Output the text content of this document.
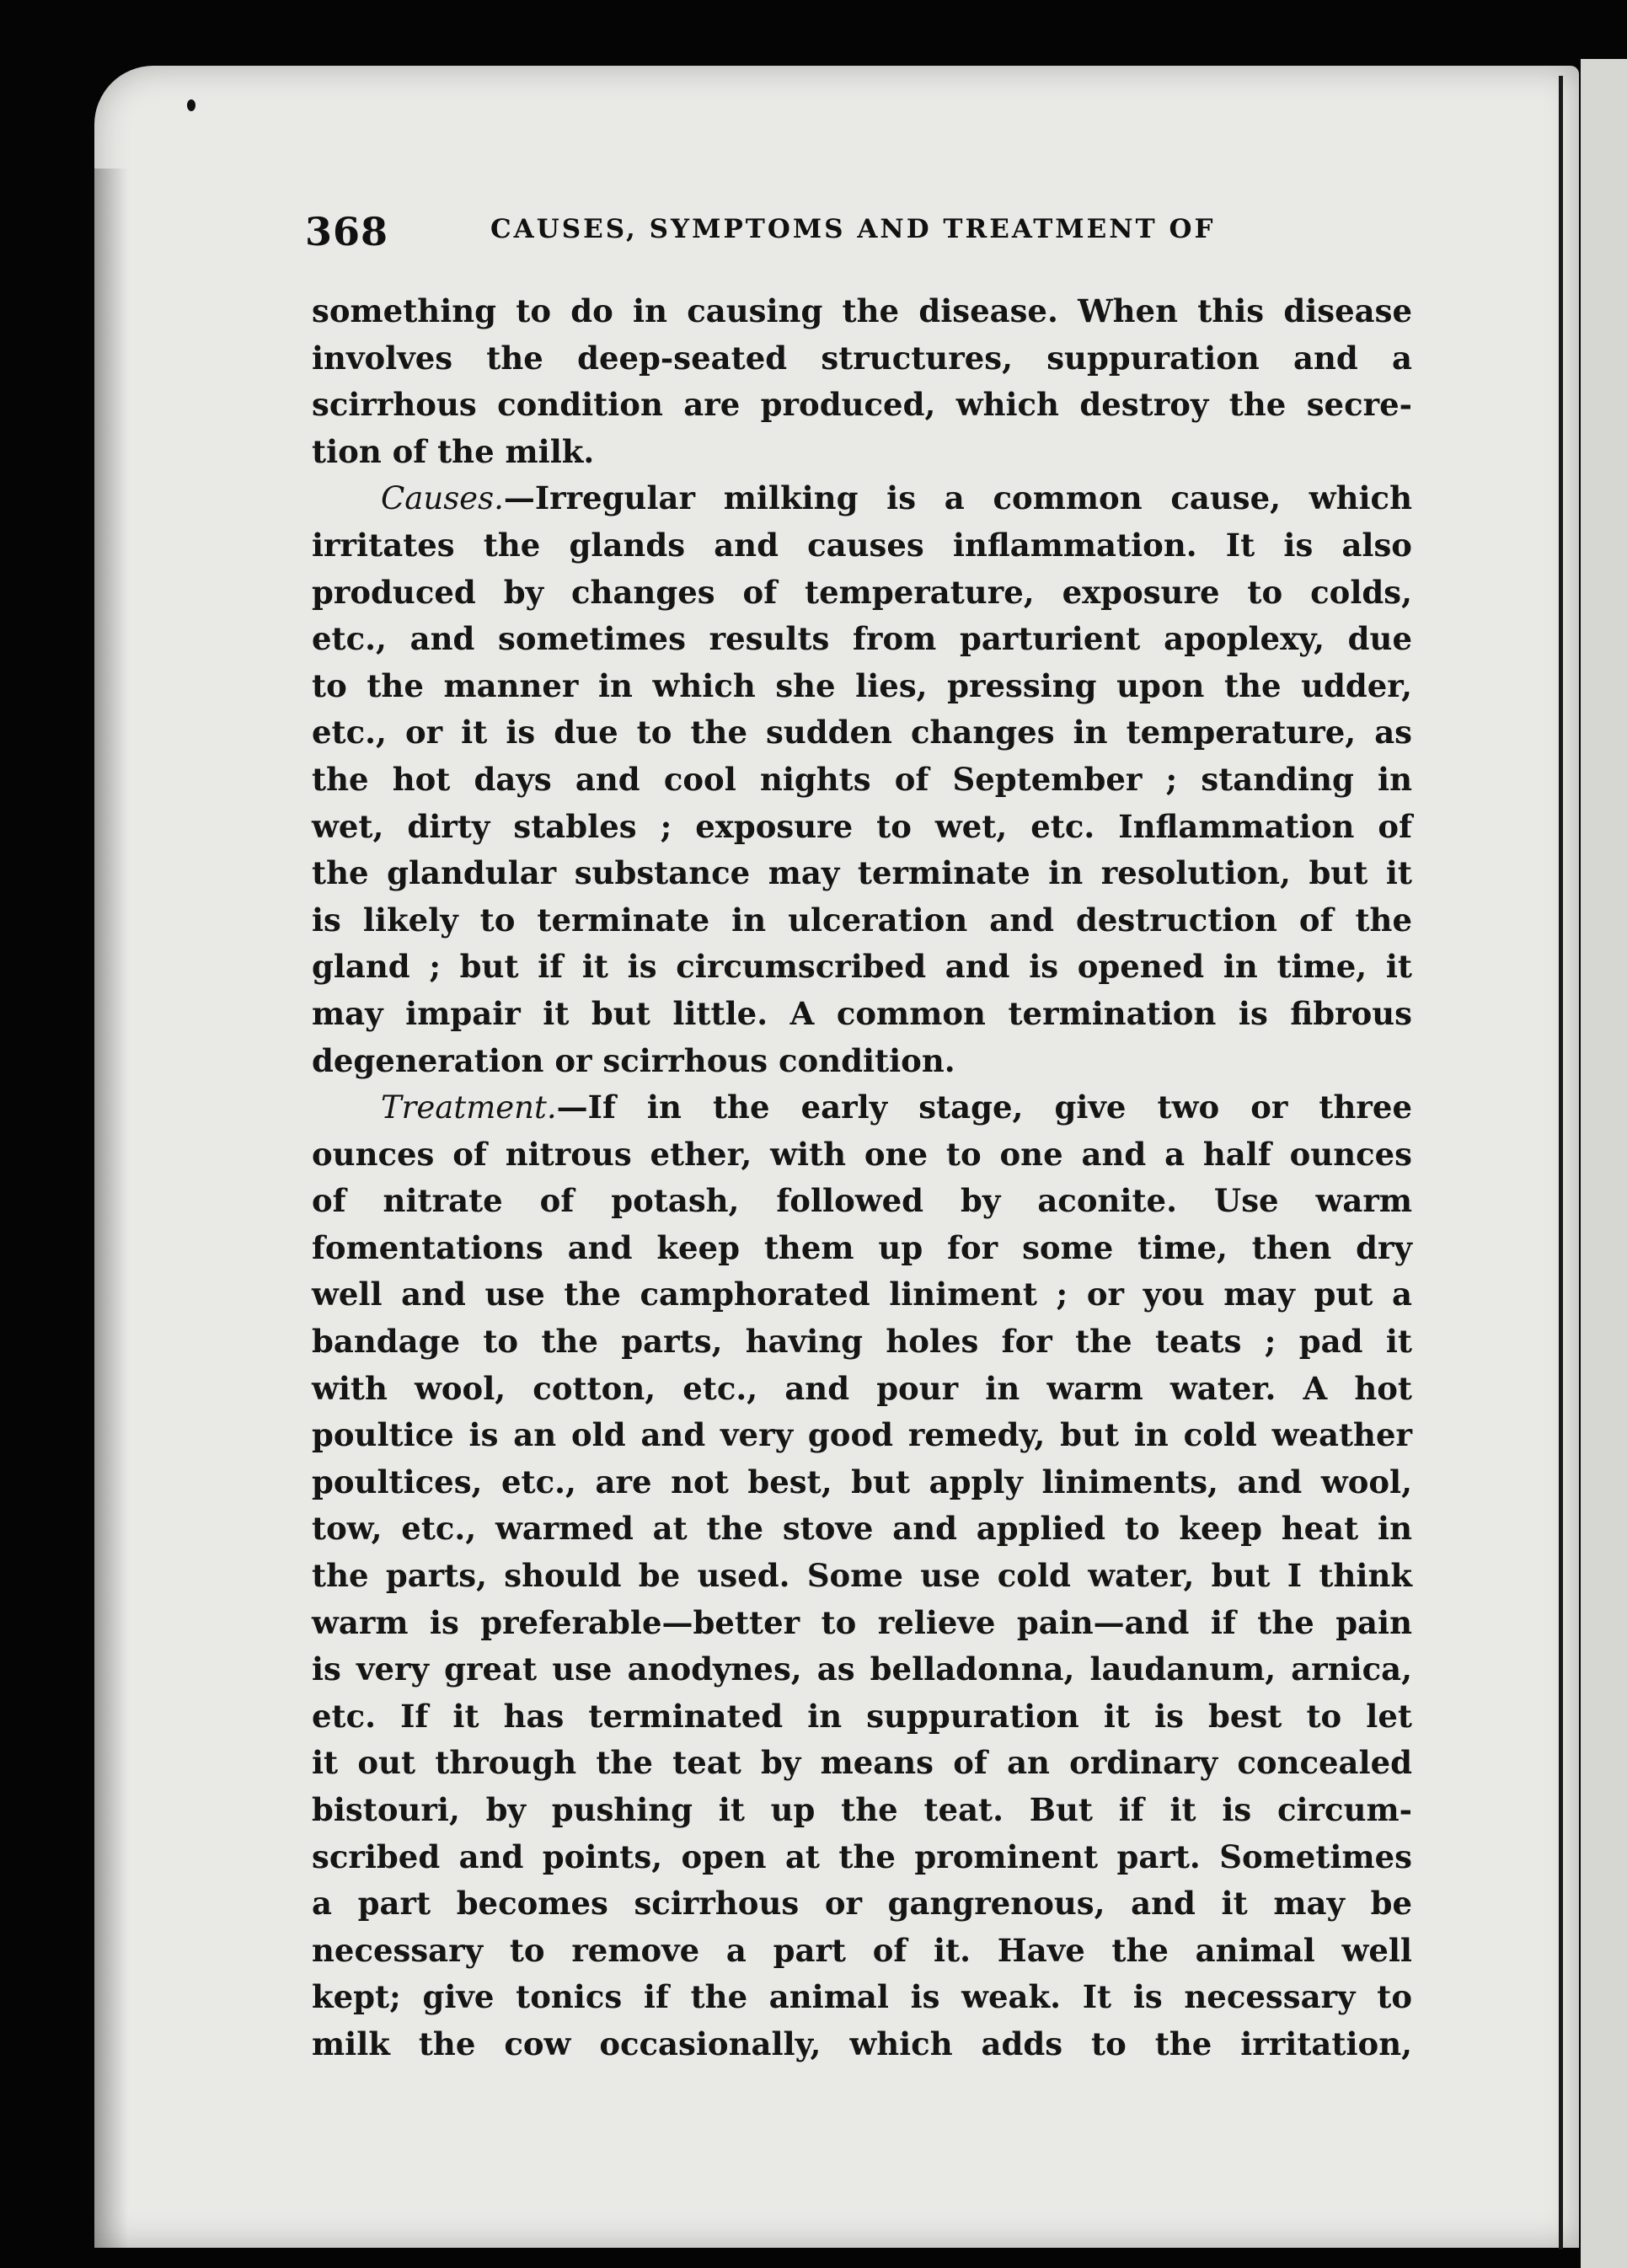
368	CAUSES, SYMPTOMS AND TREATMENT OF
something to do in causing the disease. When this disease
involves the deep-seated structures, suppuration and a
scirrhous condition are produced, which destroy the secre-
tion of the milk.
Causes.—Irregular milking is a common cause, which
irritates the glands and causes inflammation. It is also
produced by changes of temperature, exposure to colds,
etc., and sometimes results from parturient apoplexy, due
to the manner in which she lies, pressing upon the udder,
etc., or it is due to the sudden changes in temperature, as
the hot days and cool nights of September ; standing in
wet, dirty stables ; exposure to wet, etc. Inflammation of
the glandular substance may terminate in resolution, but it
is likely to terminate in ulceration and destruction of the
gland ; but if it is circumscribed and is opened in time, it
may impair it but little. A common termination is fibrous
degeneration or scirrhous condition.
Treatment.—If in the early stage, give two or three
ounces of nitrous ether, with one to one and a half ounces
of nitrate of potash, followed by aconite. Use warm
fomentations and keep them up for some time, then dry
well and use the camphorated liniment ; or you may put a
bandage to the parts, having holes for the teats ; pad it
with wool, cotton, etc., and pour in warm water. A hot
poultice is an old and very good remedy, but in cold weather
poultices, etc., are not best, but apply liniments, and wool,
tow, etc., warmed at the stove and applied to keep heat in
the parts, should be used. Some use cold water, but I think
warm is preferable—better to relieve pain—and if the pain
is very great use anodynes, as belladonna, laudanum, arnica,
etc. If it has terminated in suppuration it is best to let
it out through the teat by means of an ordinary concealed
bistouri, by pushing it up the teat. But if it is circum-
scribed and points, open at the prominent part. Sometimes
a part becomes scirrhous or gangrenous, and it may be
necessary to remove a part of it. Have the animal well
kept; give tonics if the animal is weak. It is necessary to
milk the cow occasionally, which adds to the irritation,
